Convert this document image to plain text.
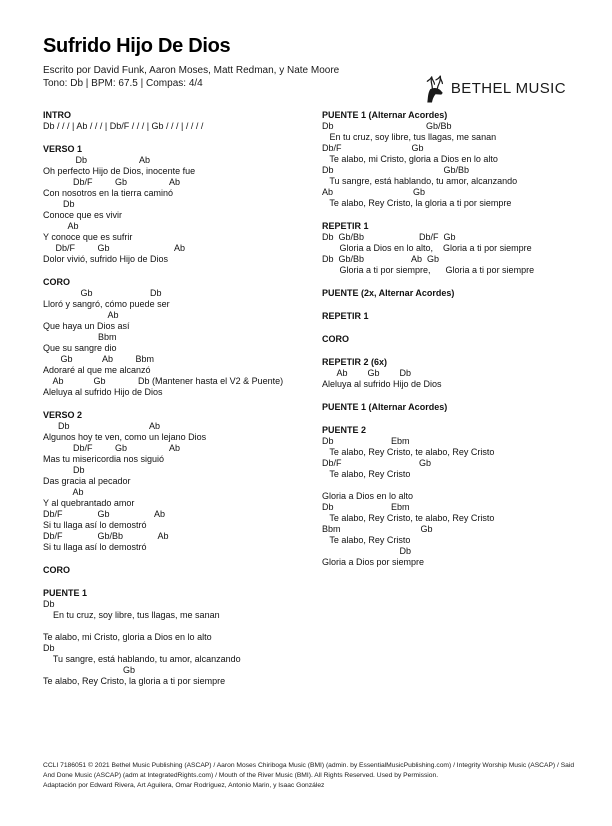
Sufrido Hijo De Dios
Escrito por David Funk, Aaron Moses, Matt Redman, y Nate Moore
Tono: Db | BPM: 67.5 | Compas: 4/4	BETHEL MUSIC
INTRO
Db / / / | Ab / / / | Db/F / / / | Gb / / / | / / / /
VERSO 1
Db                     Ab
Oh perfecto Hijo de Dios, inocente fue
Db/F         Gb                 Ab
Con nosotros en la tierra caminó
Db
Conoce que es vivir
Ab
Y conoce que es sufrir
Db/F         Gb                          Ab
Dolor vivió, sufrido Hijo de Dios
CORO
Gb                       Db
Lloró y sangró, cómo puede ser
Ab
Que haya un Dios así
Bbm
Que su sangre dio
Gb            Ab         Bbm
Adoraré al que me alcanzó
Ab            Gb             Db (Mantener hasta el V2 & Puente)
Aleluya al sufrido Hijo de Dios
VERSO 2
Db                                Ab
Algunos hoy te ven, como un lejano Dios
Db/F         Gb                 Ab
Mas tu misericordia nos siguió
Db
Das gracia al pecador
Ab
Y al quebrantado amor
Db/F              Gb                  Ab
Si tu llaga así lo demostró
Db/F              Gb/Bb              Ab
Si tu llaga así lo demostró
CORO
PUENTE 1
Db
En tu cruz, soy libre, tus llagas, me sanan

Te alabo, mi Cristo, gloria a Dios en lo alto
Db
Tu sangre, está hablando, tu amor, alcanzando
Gb
Te alabo, Rey Cristo, la gloria a ti por siempre
PUENTE 1 (Alternar Acordes)
Db                                     Gb/Bb
En tu cruz, soy libre, tus llagas, me sanan
Db/F                            Gb
Te alabo, mi Cristo, gloria a Dios en lo alto
Db                                            Gb/Bb
Tu sangre, está hablando, tu amor, alcanzando
Ab                                Gb
Te alabo, Rey Cristo, la gloria a ti por siempre
REPETIR 1
Db  Gb/Bb                      Db/F  Gb
Gloria a Dios en lo alto,    Gloria a ti por siempre
Db  Gb/Bb                   Ab  Gb
Gloria a ti por siempre,      Gloria a ti por siempre
PUENTE (2x, Alternar Acordes)
REPETIR 1
CORO
REPETIR 2 (6x)
Ab        Gb        Db
Aleluya al sufrido Hijo de Dios
PUENTE 1 (Alternar Acordes)
PUENTE 2
Db                       Ebm
Te alabo, Rey Cristo, te alabo, Rey Cristo
Db/F                               Gb
Te alabo, Rey Cristo

Gloria a Dios en lo alto
Db                       Ebm
Te alabo, Rey Cristo, te alabo, Rey Cristo
Bbm                                Gb
Te alabo, Rey Cristo
Db
Gloria a Dios por siempre
CCLI 7186051 © 2021 Bethel Music Publishing (ASCAP) / Aaron Moses Chiriboga Music (BMI) (admin. by EssentialMusicPublishing.com) / Integrity Worship Music (ASCAP) / Said And Done Music (ASCAP) (adm at IntegratedRights.com) / Mouth of the River Music (BMI). All Rights Reserved. Used by Permission.
Adaptación por Edward Rivera, Art Aguilera, Omar Rodríguez, Antonio Marin, y Isaac González
